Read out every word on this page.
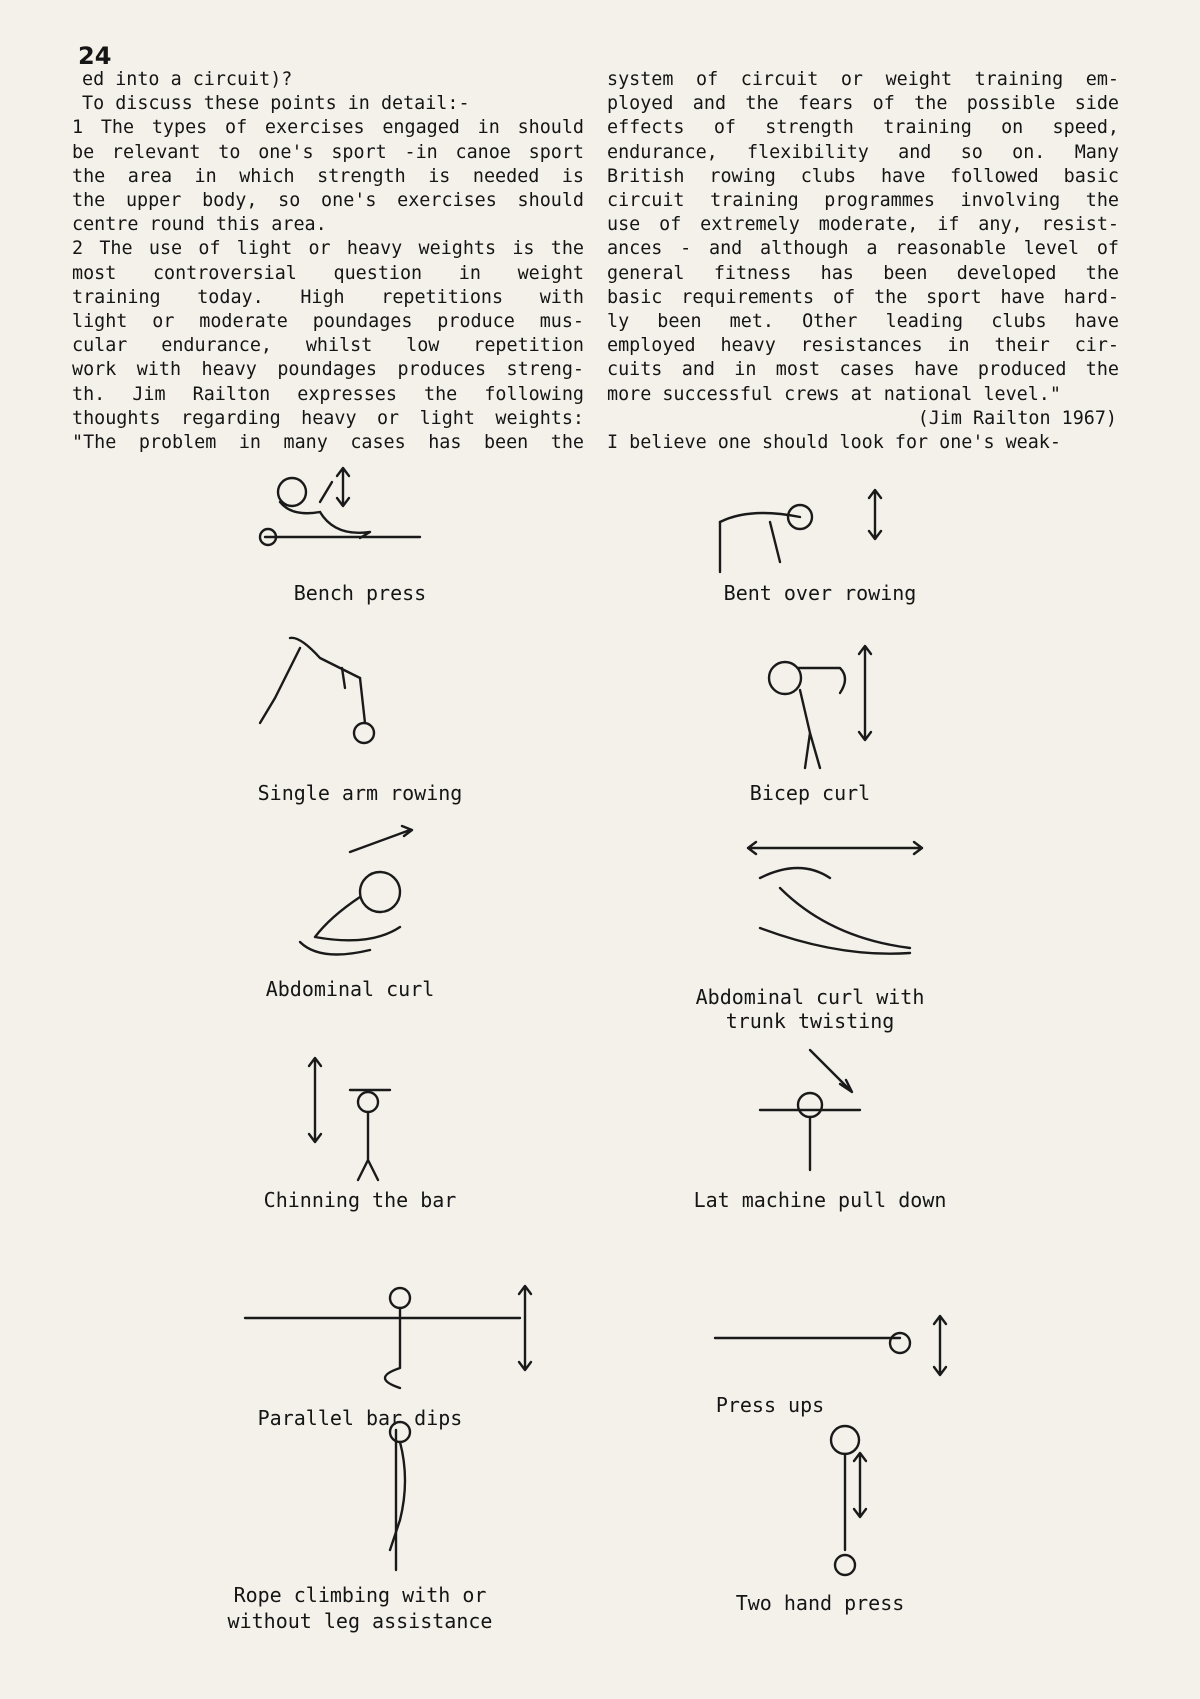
24

ed into a circuit)?

To discuss these points in detail:-

1 The types of exercises engaged in should

be relevant to one's sport -in canoe sport

the area in which strength is needed is

the upper body, so one's exercises should

centre round this area.

2 The use of light or heavy weights is the

most controversial question in weight

training today. High repetitions with

light or moderate poundages produce mus-

cular endurance, whilst low repetition

work with heavy poundages produces streng-

th. Jim Railton expresses the following

thoughts regarding heavy or light weights:

"The problem in many cases has been the

system of circuit or weight training em-

ployed and the fears of the possible side

effects of strength training on speed,

endurance, flexibility and so on. Many

British rowing clubs have followed basic

circuit training programmes involving the

use of extremely moderate, if any, resist-

ances - and although a reasonable level of

general fitness has been developed the

basic requirements of the sport have hard-

ly been met. Other leading clubs have

employed heavy resistances in their cir-

cuits and in most cases have produced the

more successful crews at national level."

(Jim Railton 1967)

I believe one should look for one's weak-

Bench press	Bent over rowing
Single arm rowing	Bicep curl
Abdominal curl	Abdominal curl with
trunk twisting
Chinning the bar	Lat machine pull down
Parallel bar dips
Press ups
Rope climbing with or
without leg assistance
Two hand press
